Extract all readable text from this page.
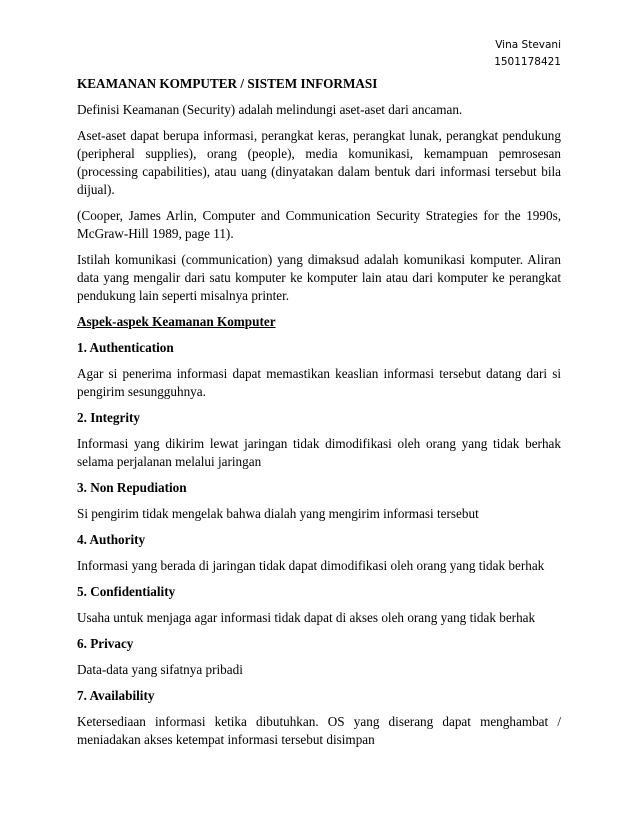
Vina Stevani
1501178421

KEAMANAN KOMPUTER / SISTEM INFORMASI

Definisi Keamanan (Security) adalah melindungi aset-aset dari ancaman.

Aset-aset dapat berupa informasi, perangkat keras, perangkat lunak, perangkat pendukung (peripheral supplies), orang (people), media komunikasi, kemampuan pemrosesan (processing capabilities), atau uang (dinyatakan dalam bentuk dari informasi tersebut bila dijual).

(Cooper, James Arlin, Computer and Communication Security Strategies for the 1990s, McGraw-Hill 1989, page 11).

Istilah komunikasi (communication) yang dimaksud adalah komunikasi komputer. Aliran data yang mengalir dari satu komputer ke komputer lain atau dari komputer ke perangkat pendukung lain seperti misalnya printer.

Aspek-aspek Keamanan Komputer

1. Authentication

Agar si penerima informasi dapat memastikan keaslian informasi tersebut datang dari si pengirim sesungguhnya.

2. Integrity

Informasi yang dikirim lewat jaringan tidak dimodifikasi oleh orang yang tidak berhak selama perjalanan melalui jaringan

3. Non Repudiation

Si pengirim tidak mengelak bahwa dialah yang mengirim informasi tersebut

4. Authority

Informasi yang berada di jaringan tidak dapat dimodifikasi oleh orang yang tidak berhak

5. Confidentiality

Usaha untuk menjaga agar informasi tidak dapat di akses oleh orang yang tidak berhak

6. Privacy

Data-data yang sifatnya pribadi

7. Availability

Ketersediaan informasi ketika dibutuhkan. OS yang diserang dapat menghambat / meniadakan akses ketempat informasi tersebut disimpan
